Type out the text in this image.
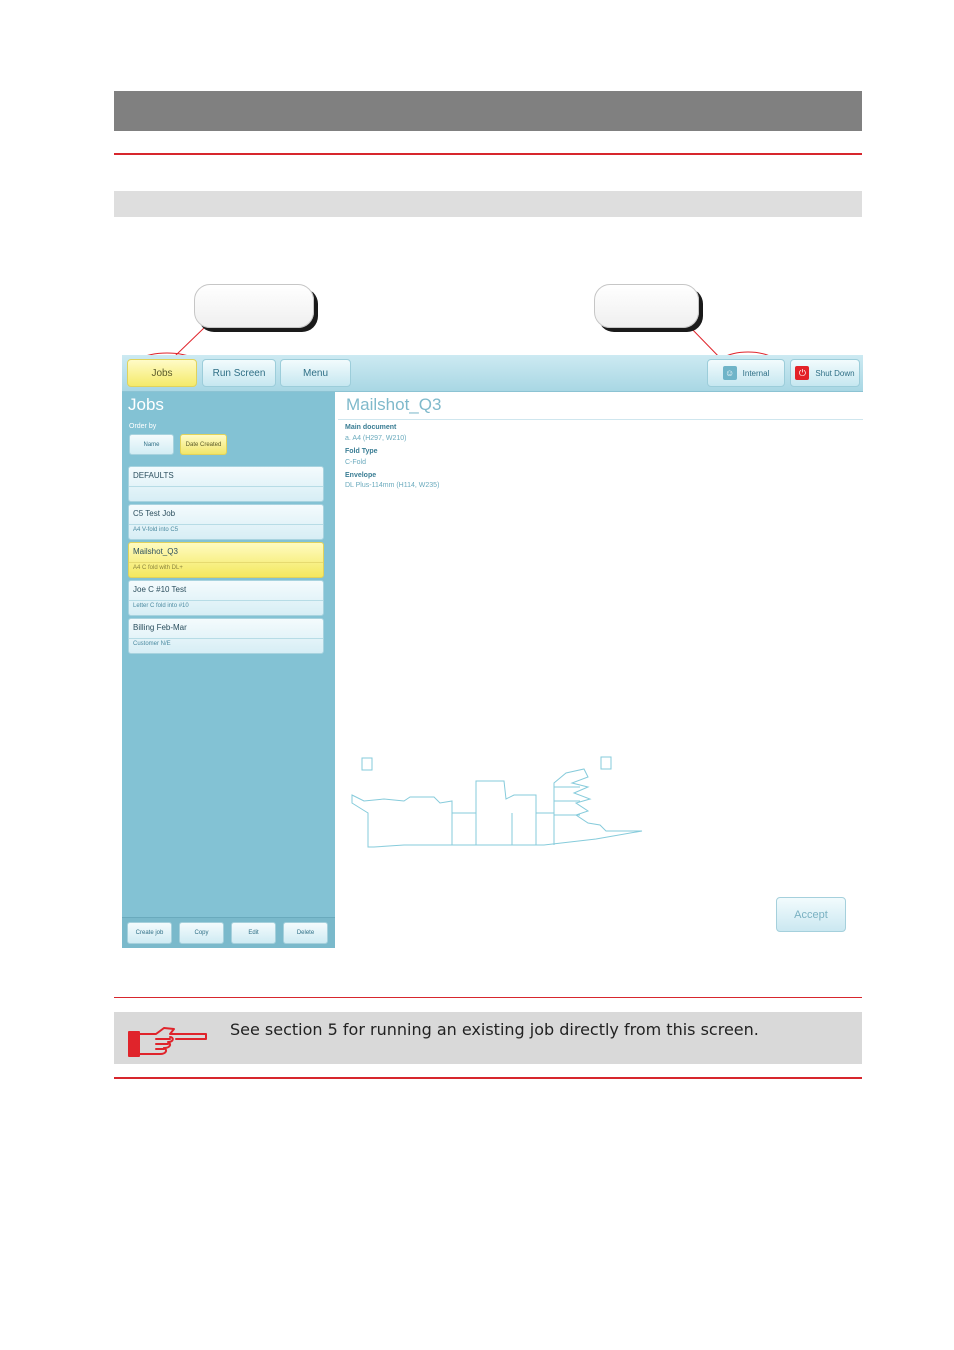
Jobs	Run Screen	Menu	☺	Internal	⏻	Shut Down
Jobs
Order by
Name	Date Created
DEFAULTS
C5 Test Job
A4 V-fold into C5
Mailshot_Q3
A4 C fold with DL+
Joe C #10 Test
Letter C fold into #10
Billing Feb-Mar
Customer N/E
Create job	Copy	Edit	Delete
Mailshot_Q3
Main document
a. A4 (H297, W210)
Fold Type
C-Fold
Envelope
DL Plus-114mm (H114, W235)
Accept
See section 5 for running an existing job directly from this screen.
